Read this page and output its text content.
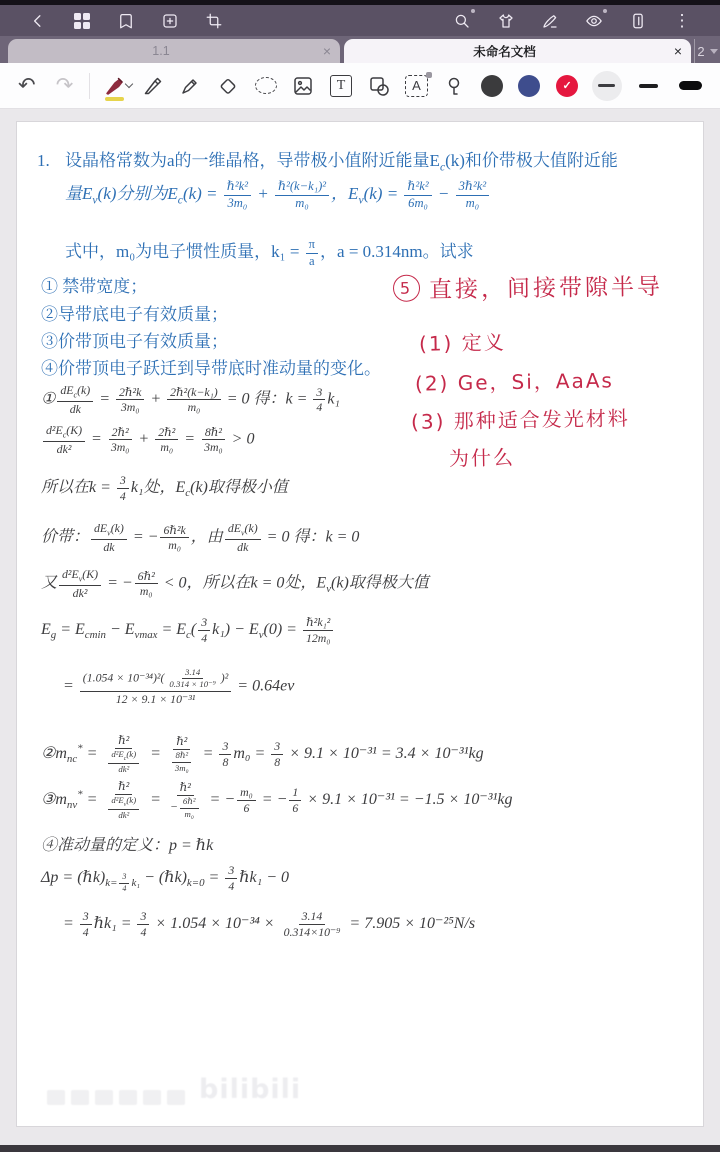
⋮
1.1	×	未命名文档	×	2
↶ ↷	T	A	✓
1. 设晶格常数为a的一维晶格，导带极小值附近能量$E_c(k)$和价带极大值附近能
量$E_v(k)$分别为$E_c(k) = \frac{\text{ℏ²k²}}{\text{3m₀}} + \frac{\text{ℏ²(k−k₁)²}}{\text{m₀}}$ ，$E_v(k) = \frac{\text{ℏ²k²}}{\text{6m₀}} - \frac{\text{3ℏ²k²}}{\text{m₀}}$
式中，m₀为电子惯性质量，$k_1 = \frac{\pi}{a}$ ，a = 0.314nm。试求
① 禁带宽度；
②导带底电子有效质量；
③价带顶电子有效质量；
④价带顶电子跃迁到导带底时准动量的变化。
5 直接，间接带隙半导
(1) 定义
(2) Ge，Si，AaAs
(3) 那种适合发光材料
为什么
① $\frac{dE_c(k)}{dk} = \frac{\text{2ℏ²k}}{\text{3m₀}} + \frac{\text{2ℏ²(k−k₁)}}{\text{m₀}} = 0$ 得：$k = \frac{3}{4} k_1$
$\frac{d^2E_c(K)}{\text{dk²}} = \frac{\text{2ℏ²}}{\text{3m₀}} + \frac{\text{2ℏ²}}{\text{m₀}} = \frac{\text{8ℏ²}}{\text{3m₀}} > 0$
所以在$k = \frac{3}{4} k_1$处，$E_c(k)$取得极小值
价带： $\frac{dE_v(k)}{dk}$ = − $\frac{\text{6ℏ²k}}{\text{m₀}}$ ，由 $\frac{dE_v(k)}{dk} = 0$ 得：k = 0
又 $\frac{d^2E_v(K)}{\text{dk²}}$ = − $\frac{\text{6ℏ²}}{\text{m₀}} < 0$，所以在k = 0处，$E_v(k)$取得极大值
$E_g = E_{cmin} - E_{vmax} = E_c( \frac{3}{4} k_1) - E_v(0) = \frac{\text{ℏ²k₁²}}{\text{12m₀}}$
= $\frac{(1.054 \times 10^{-34})^2( \frac{3.14}{\text{0.314 × 10⁻⁹}} )^2}{\text{12 × 9.1 × 10⁻³¹}} = 0.64ev$
$②m_{nc}^* = \frac{\text{ℏ²}}{\frac{d^2E_c(k)}{\text{dk²}}} = \frac{\text{ℏ²}}{\frac{\text{8ℏ²}}{\text{3m₀}}} = \frac{3}{8} m_0 = \frac{3}{8} \times 9.1 \times 10^{-31} = 3.4 \times 10^{-31}kg$
$③m_{nv}^* = \frac{\text{ℏ²}}{\frac{d^2E_v(k)}{\text{dk²}}} = \frac{\text{ℏ²}}{- \frac{\text{6ℏ²}}{\text{m₀}}}$ = − $\frac{\text{m₀}}{6}$ = − $\frac{1}{6} \times 9.1 \times 10^{-31} = -1.5 \times 10^{-31}kg$
④准动量的定义：p = ℏk
$\Delta p = (\hbar k)_{k= \frac{3}{4} k_1}$ − $(\hbar k)_{k=0} = \frac{3}{4}$ ℏk₁ − 0
= $\frac{3}{4}$ ℏk₁ = $\frac{3}{4} \times 1.054 \times 10^{-34} \times \frac{3.14}{\text{0.314×10⁻⁹}} = 7.905 \times 10^{-25}N/s$
bilibili
